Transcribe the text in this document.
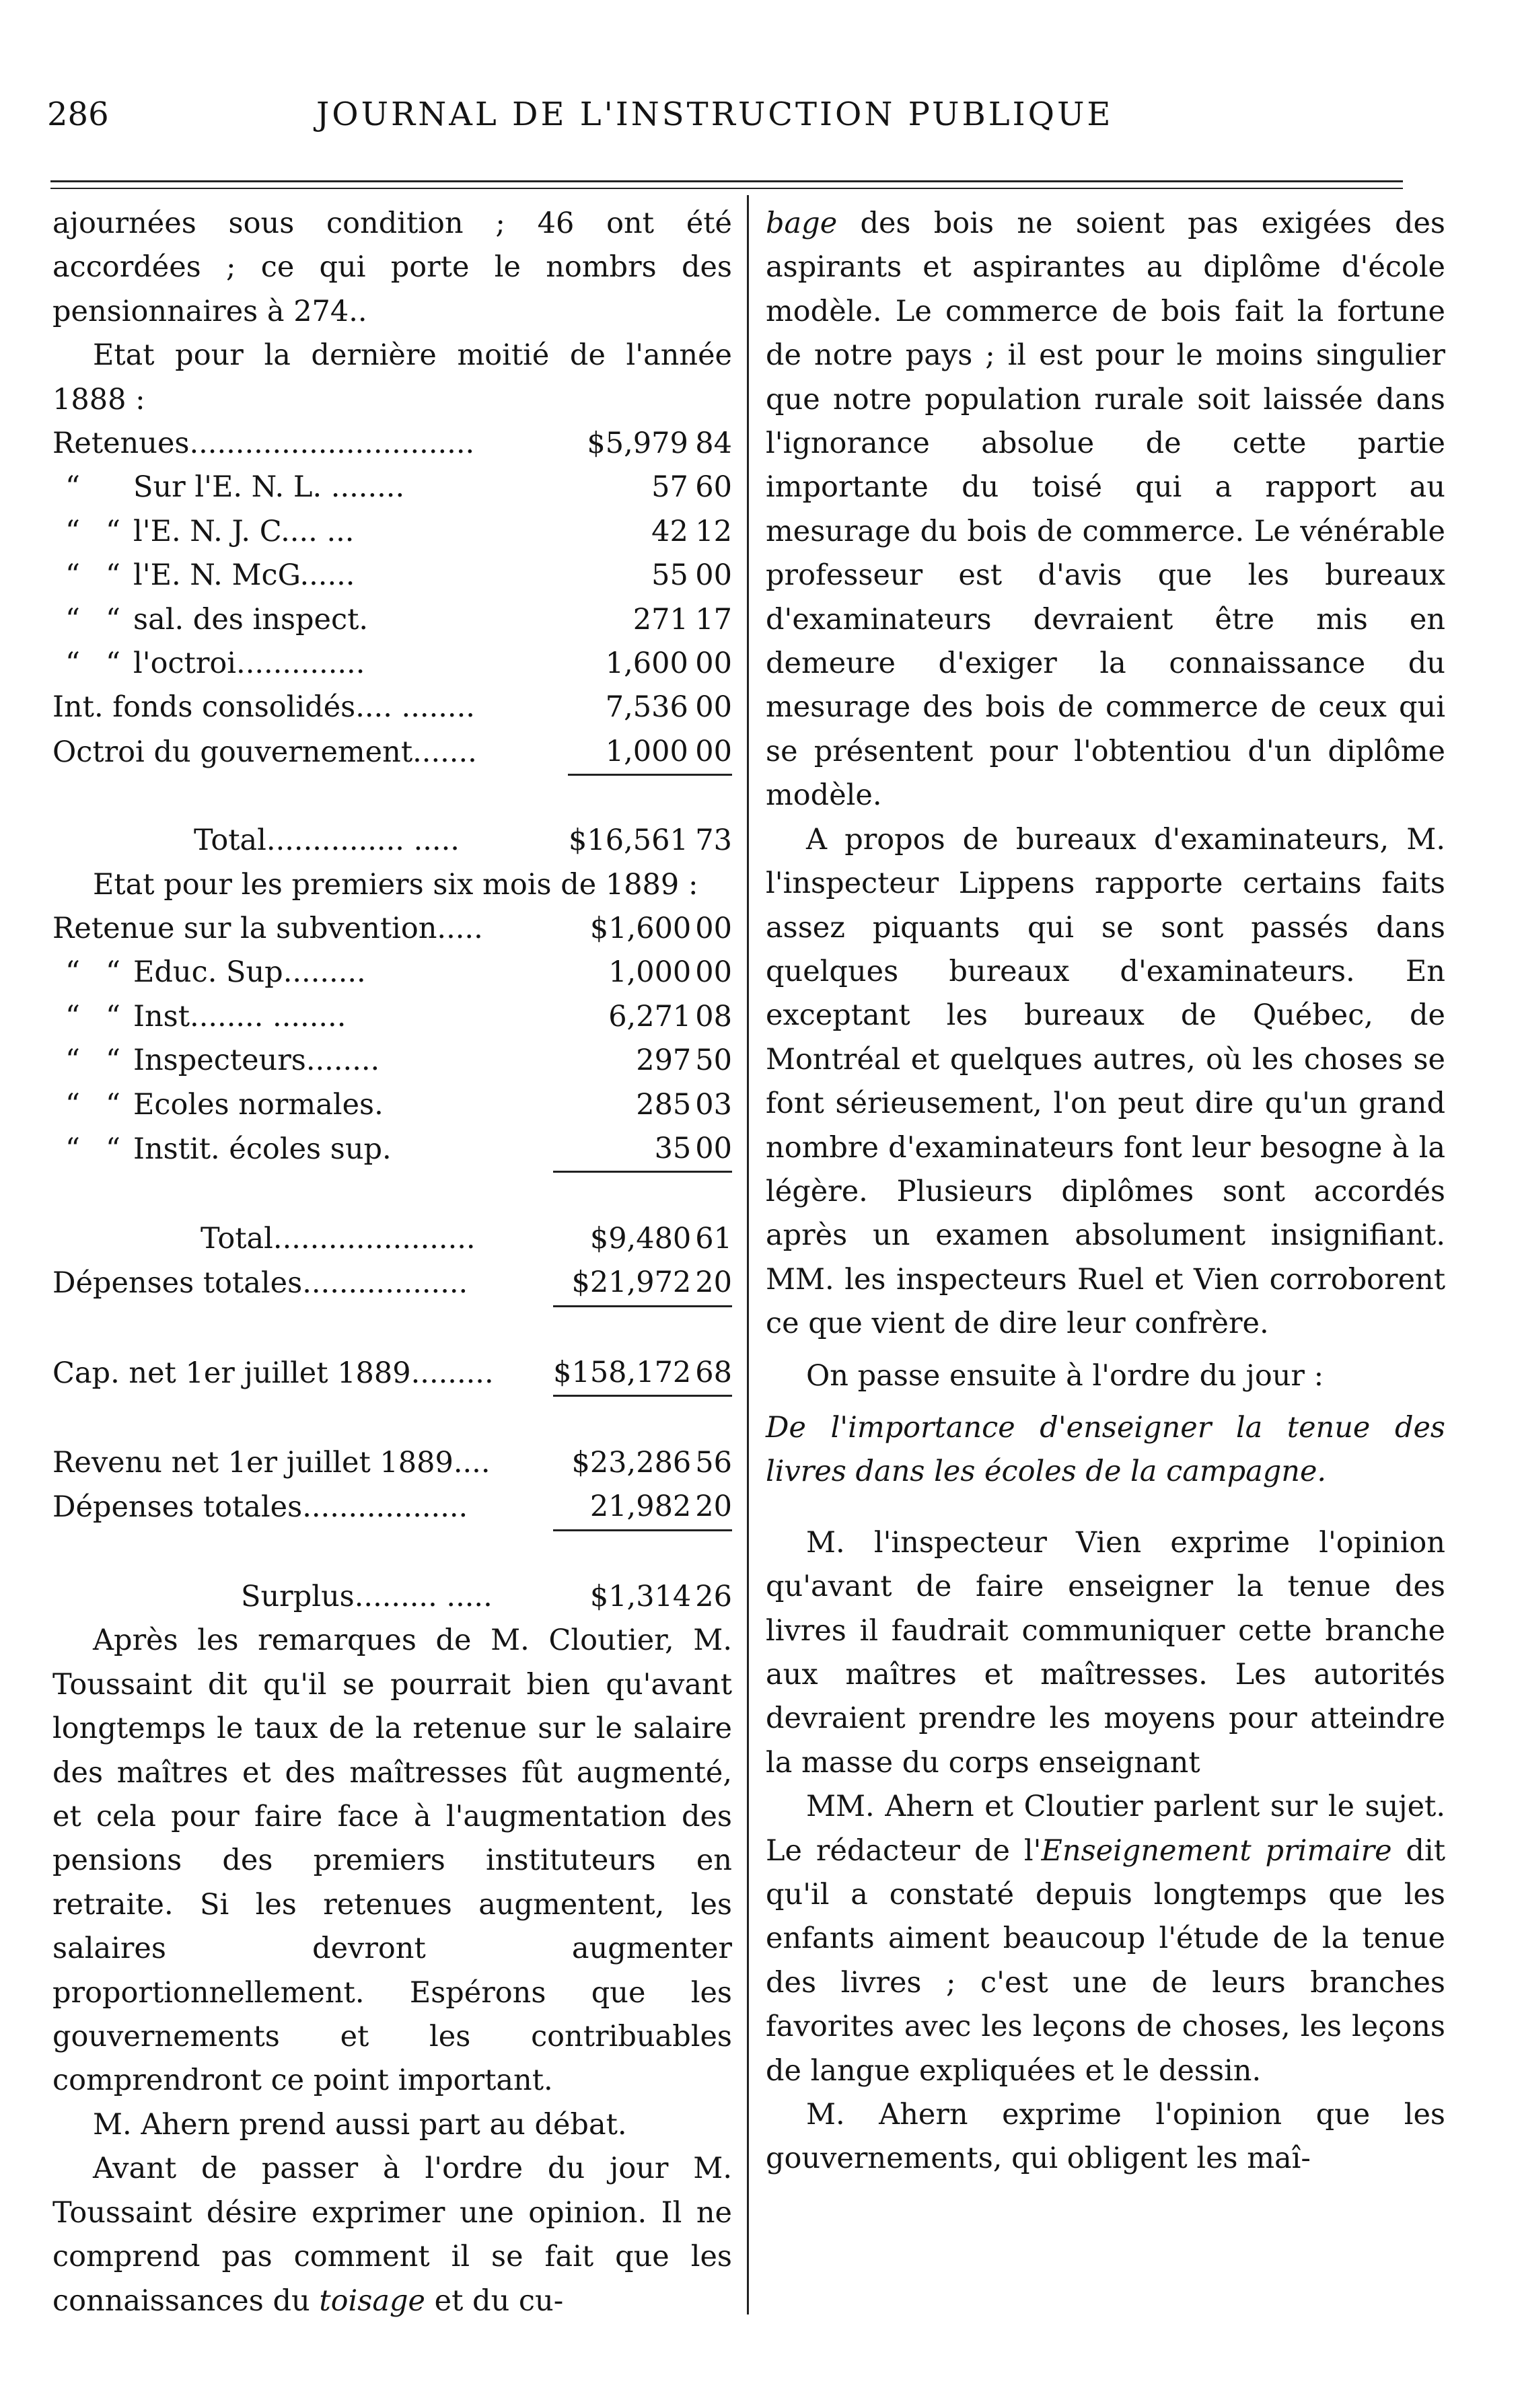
286	JOURNAL DE L'INSTRUCTION PUBLIQUE

ajournées sous condition ; 46 ont été accordées ; ce qui porte le nombrs des pensionnaires à 274..

Etat pour la dernière moitié de l'année 1888 :

Retenues...............................	$5,979	84
“ Sur l'E. N. L. ........	57	60
“ “ l'E. N. J. C.... ...	42	12
“ “ l'E. N. McG......	55	00
“ “ sal. des inspect.	271	17
“ “ l'octroi..............	1,600	00
Int. fonds consolidés.... ........	7,536	00
Octroi du gouvernement.......	1,000	00

Total............... .....	$16,561	73

Etat pour les premiers six mois de 1889 :

Retenue sur la subvention.....	$1,600	00
“ “ Educ. Sup.........	1,000	00
“ “ Inst........ ........	6,271	08
“ “ Inspecteurs........	297	50
“ “ Ecoles normales.	285	03
“ “ Instit. écoles sup.	35	00

Total......................	$9,480	61
Dépenses totales..................	$21,972	20

Cap. net 1er juillet 1889.........	$158,172	68

Revenu net 1er juillet 1889....	$23,286	56
Dépenses totales..................	21,982	20

Surplus......... .....	$1,314	26

Après les remarques de M. Cloutier, M. Toussaint dit qu'il se pourrait bien qu'avant longtemps le taux de la retenue sur le salaire des maîtres et des maîtresses fût augmenté, et cela pour faire face à l'augmentation des pensions des premiers instituteurs en retraite. Si les retenues augmentent, les salaires devront augmenter proportionnellement. Espérons que les gouvernements et les contribuables comprendront ce point important.

M. Ahern prend aussi part au débat.

Avant de passer à l'ordre du jour M. Toussaint désire exprimer une opinion. Il ne comprend pas comment il se fait que les connaissances du toisage et du cu-

bage des bois ne soient pas exigées des aspirants et aspirantes au diplôme d'école modèle. Le commerce de bois fait la fortune de notre pays ; il est pour le moins singulier que notre population rurale soit laissée dans l'ignorance absolue de cette partie importante du toisé qui a rapport au mesurage du bois de commerce. Le vénérable professeur est d'avis que les bureaux d'examinateurs devraient être mis en demeure d'exiger la connaissance du mesurage des bois de commerce de ceux qui se présentent pour l'obtentiou d'un diplôme modèle.

A propos de bureaux d'examinateurs, M. l'inspecteur Lippens rapporte certains faits assez piquants qui se sont passés dans quelques bureaux d'examinateurs. En exceptant les bureaux de Québec, de Montréal et quelques autres, où les choses se font sérieusement, l'on peut dire qu'un grand nombre d'examinateurs font leur besogne à la légère. Plusieurs diplômes sont accordés après un examen absolument insignifiant. MM. les inspecteurs Ruel et Vien corroborent ce que vient de dire leur confrère.

On passe ensuite à l'ordre du jour :

De l'importance d'enseigner la tenue des livres dans les écoles de la campagne.

M. l'inspecteur Vien exprime l'opinion qu'avant de faire enseigner la tenue des livres il faudrait communiquer cette branche aux maîtres et maîtresses. Les autorités devraient prendre les moyens pour atteindre la masse du corps enseignant

MM. Ahern et Cloutier parlent sur le sujet. Le rédacteur de l'Enseignement primaire dit qu'il a constaté depuis longtemps que les enfants aiment beaucoup l'étude de la tenue des livres ; c'est une de leurs branches favorites avec les leçons de choses, les leçons de langue expliquées et le dessin.

M. Ahern exprime l'opinion que les gouvernements, qui obligent les maî-
